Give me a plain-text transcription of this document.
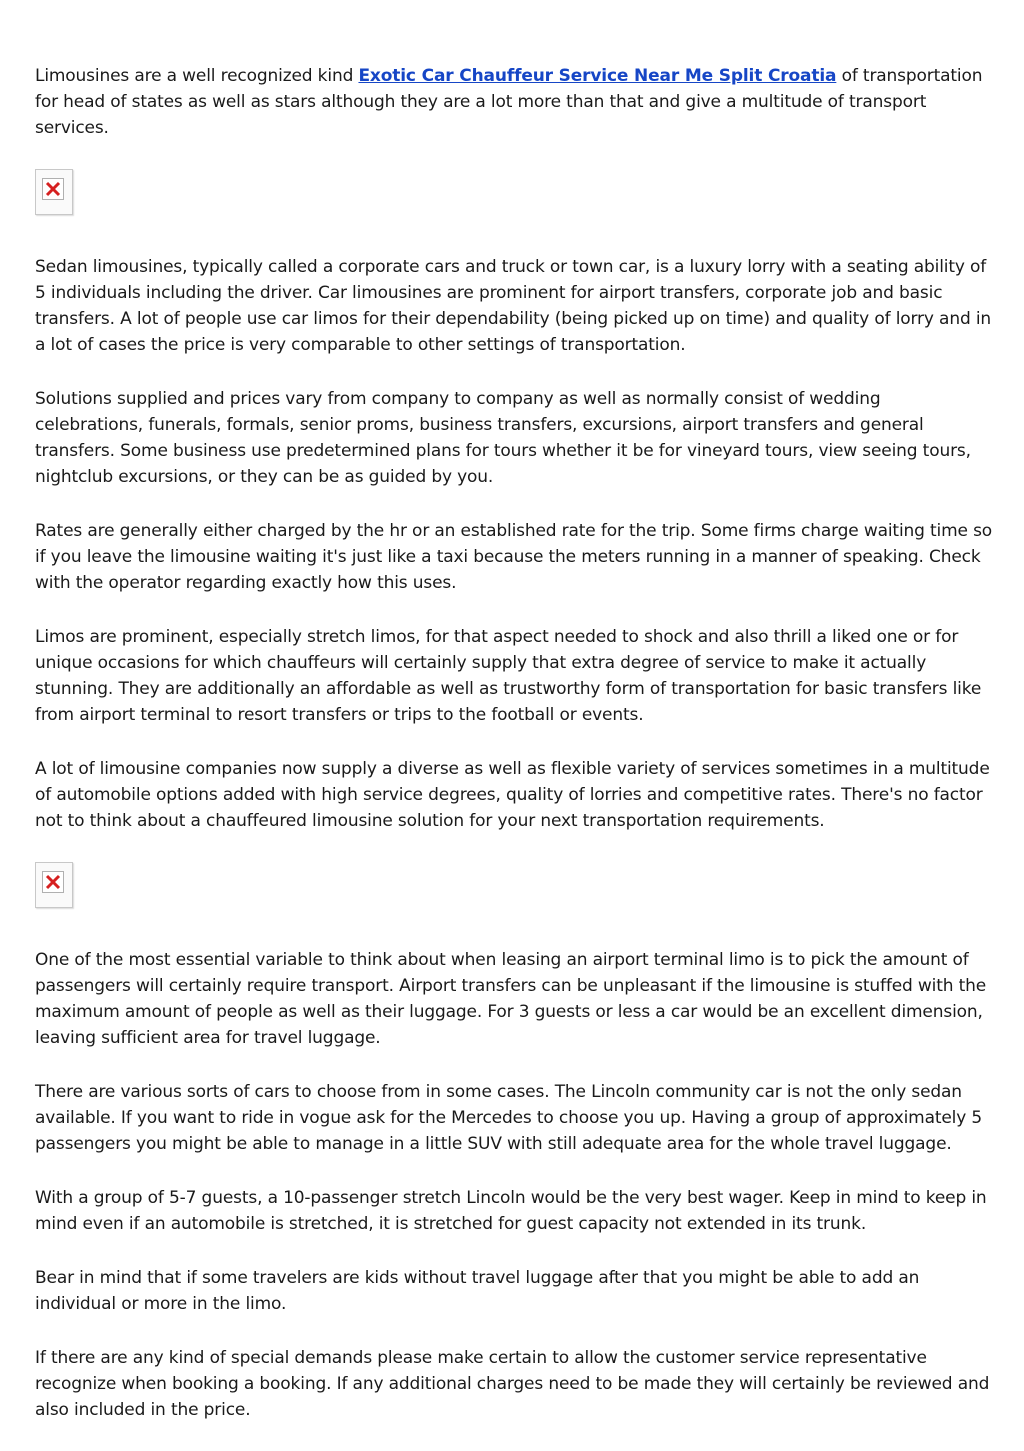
Limousines are a well recognized kind Exotic Car Chauffeur Service Near Me Split Croatia of transportation for head of states as well as stars although they are a lot more than that and give a multitude of transport services.

Sedan limousines, typically called a corporate cars and truck or town car, is a luxury lorry with a seating ability of 5 individuals including the driver. Car limousines are prominent for airport transfers, corporate job and basic transfers. A lot of people use car limos for their dependability (being picked up on time) and quality of lorry and in a lot of cases the price is very comparable to other settings of transportation.

Solutions supplied and prices vary from company to company as well as normally consist of wedding celebrations, funerals, formals, senior proms, business transfers, excursions, airport transfers and general transfers. Some business use predetermined plans for tours whether it be for vineyard tours, view seeing tours, nightclub excursions, or they can be as guided by you.

Rates are generally either charged by the hr or an established rate for the trip. Some firms charge waiting time so if you leave the limousine waiting it's just like a taxi because the meters running in a manner of speaking. Check with the operator regarding exactly how this uses.

Limos are prominent, especially stretch limos, for that aspect needed to shock and also thrill a liked one or for unique occasions for which chauffeurs will certainly supply that extra degree of service to make it actually stunning. They are additionally an affordable as well as trustworthy form of transportation for basic transfers like from airport terminal to resort transfers or trips to the football or events.

A lot of limousine companies now supply a diverse as well as flexible variety of services sometimes in a multitude of automobile options added with high service degrees, quality of lorries and competitive rates. There's no factor not to think about a chauffeured limousine solution for your next transportation requirements.

One of the most essential variable to think about when leasing an airport terminal limo is to pick the amount of passengers will certainly require transport. Airport transfers can be unpleasant if the limousine is stuffed with the maximum amount of people as well as their luggage. For 3 guests or less a car would be an excellent dimension, leaving sufficient area for travel luggage.

There are various sorts of cars to choose from in some cases. The Lincoln community car is not the only sedan available. If you want to ride in vogue ask for the Mercedes to choose you up. Having a group of approximately 5 passengers you might be able to manage in a little SUV with still adequate area for the whole travel luggage.

With a group of 5-7 guests, a 10-passenger stretch Lincoln would be the very best wager. Keep in mind to keep in mind even if an automobile is stretched, it is stretched for guest capacity not extended in its trunk.

Bear in mind that if some travelers are kids without travel luggage after that you might be able to add an individual or more in the limo.

If there are any kind of special demands please make certain to allow the customer service representative recognize when booking a booking. If any additional charges need to be made they will certainly be reviewed and also included in the price.
